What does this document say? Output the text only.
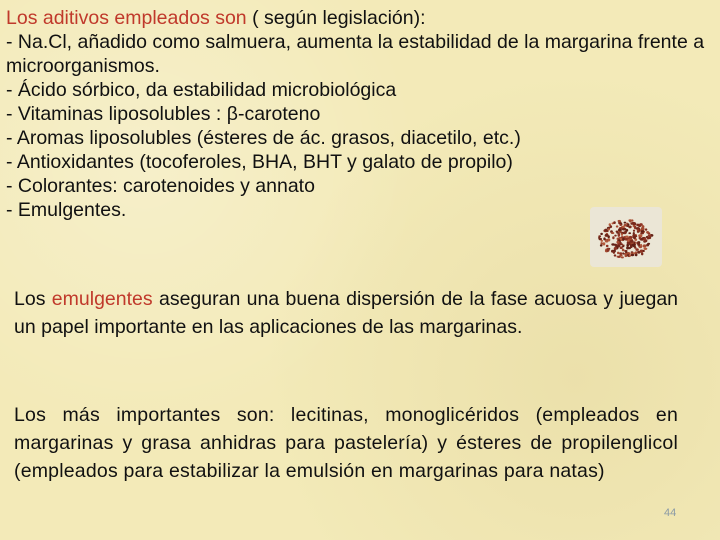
Los aditivos empleados son ( según legislación):

- Na.Cl, añadido como salmuera, aumenta la estabilidad de la margarina frente a microorganismos.

- Ácido sórbico, da estabilidad microbiológica

- Vitaminas liposolubles : β-caroteno

- Aromas liposolubles (ésteres de ác. grasos, diacetilo, etc.)

- Antioxidantes (tocoferoles, BHA, BHT y galato de propilo)

- Colorantes: carotenoides y annato

- Emulgentes.

Los emulgentes aseguran una buena dispersión de la fase acuosa y juegan un papel importante en las aplicaciones de las margarinas.
Los más importantes son: lecitinas, monoglicéridos (empleados en margarinas y grasa anhidras para pastelería) y ésteres de propilenglicol (empleados para estabilizar la emulsión en margarinas para natas)
44
